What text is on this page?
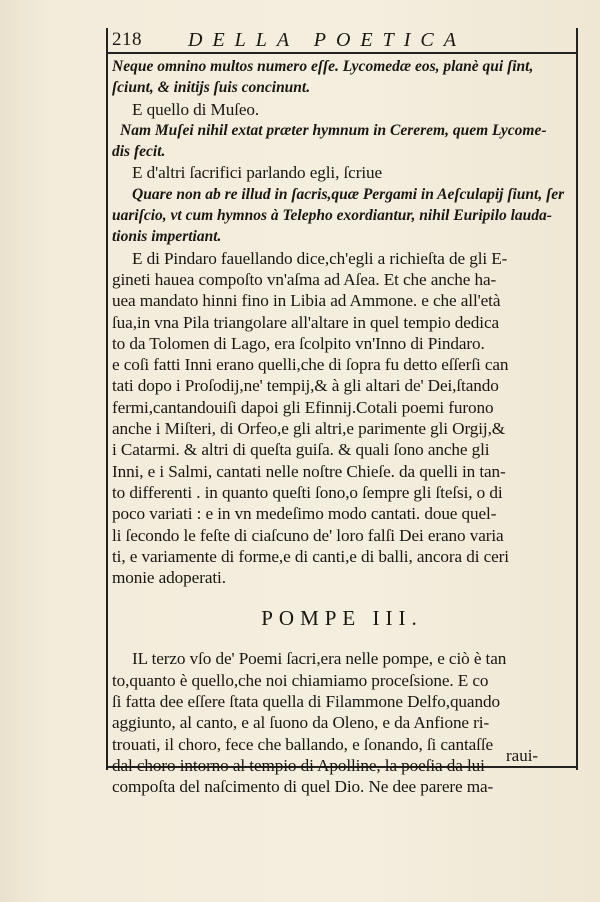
218 DELLA POETICA
Neque omnino multos numero eſſe. Lycomedæ eos, planè qui ſint,
ſciunt, & initijs ſuis concinunt.
E quello di Muſeo.
Nam Muſei nihil extat præter hymnum in Cererem, quem Lycome-
dis fecit.
E d'altri ſacrifici parlando egli, ſcriue
Quare non ab re illud in ſacris,quæ Pergami in Aeſculapij ſiunt, ſer
uariſcio, vt cum hymnos à Telepho exordiantur, nihil Euripilo lauda-
tionis impertiant.
E di Pindaro fauellando dice,ch'egli a richieſta de gli E-
gineti haueа compoſto vn'aſma ad Aſea. Et che anche ha-
uea mandato hinni fino in Libia ad Ammone. e che all'età
ſua,in vna Pila triangolare all'altare in quel tempio dedica
to da Tolomen di Lago, era ſcolpito vn'Inno di Pindaro.
e coſi fatti Inni erano quelli,che di ſopra fu detto eſſerſi can
tati dopo i Proſodij,ne' tempij,& à gli altari de' Dei,ſtando
fermi,cantandouiſi dapoi gli Efinnij.Cotali poemi furono
anche i Miſteri, di Orfeo,e gli altri,e parimente gli Orgij,&
i Catarmi. & altri di queſta guiſa. & quali ſono anche gli
Inni, e i Salmi, cantati nelle noſtre Chieſe. da quelli in tan-
to differenti . in quanto queſti ſono,o ſempre gli ſteſsi, o di
poco variati : e in vn medeſimo modo cantati. doue quel-
li ſecondo le feſte di ciaſcuno de' loro falſi Dei erano varia
ti, e variamente di forme,e di canti,e di balli, ancora di ceri
monie adoperati.
POMPE III.
IL terzo vſo de' Poemi ſacri,era nelle pompe, e ciò è tan
to,quanto è quello,che noi chiamiamo proceſsione. E co
ſi fatta dee eſſere ſtata quella di Filammone Delfo,quando
aggiunto, al canto, e al ſuono da Oleno, e da Anfione ri-
trouati, il choro, fece che ballando, e ſonando, ſi cantaſſe
dal choro intorno al tempio di Apolline, la poeſia da lui
compoſta del naſcimento di quel Dio. Ne dee parere ma-
raui-
